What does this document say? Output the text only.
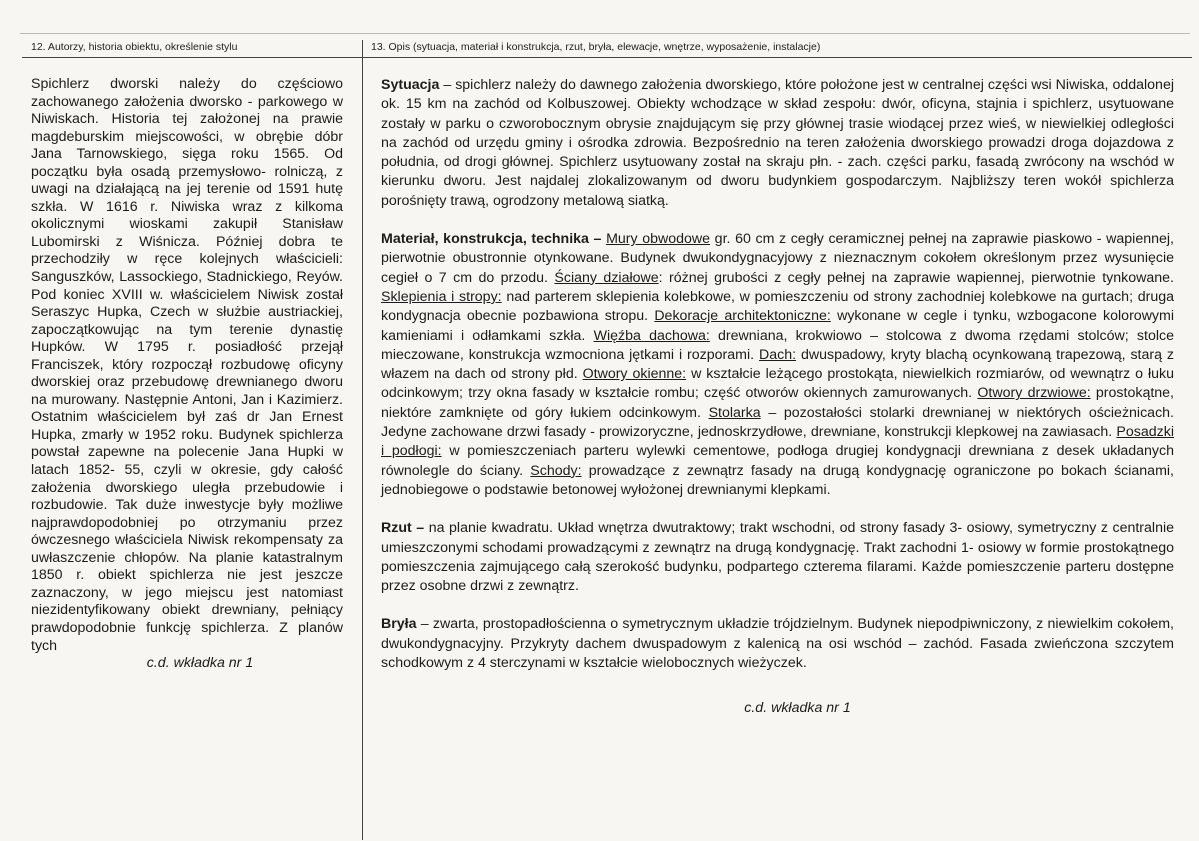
12. Autorzy, historia obiektu, określenie stylu	13. Opis (sytuacja, materiał i konstrukcja, rzut, bryła, elewacje, wnętrze, wyposażenie, instalacje)
Spichlerz dworski należy do częściowo zachowanego założenia dworsko - parkowego w Niwiskach. Historia tej założonej na prawie magdeburskim miejscowości, w obrębie dóbr Jana Tarnowskiego, sięga roku 1565. Od początku była osadą przemysłowo- rolniczą, z uwagi na działającą na jej terenie od 1591 hutę szkła. W 1616 r. Niwiska wraz z kilkoma okolicznymi wioskami zakupił Stanisław Lubomirski z Wiśnicza. Później dobra te przechodziły w ręce kolejnych właścicieli: Sanguszków, Lassockiego, Stadnickiego, Reyów. Pod koniec XVIII w. właścicielem Niwisk został Seraszyc Hupka, Czech w służbie austriackiej, zapoczątkowując na tym terenie dynastię Hupków. W 1795 r. posiadłość przejął Franciszek, który rozpoczął rozbudowę oficyny dworskiej oraz przebudowę drewnianego dworu na murowany. Następnie Antoni, Jan i Kazimierz. Ostatnim właścicielem był zaś dr Jan Ernest Hupka, zmarły w 1952 roku. Budynek spichlerza powstał zapewne na polecenie Jana Hupki w latach 1852- 55, czyli w okresie, gdy całość założenia dworskiego uległa przebudowie i rozbudowie. Tak duże inwestycje były możliwe najprawdopodobniej po otrzymaniu przez ówczesnego właściciela Niwisk rekompensaty za uwłaszczenie chłopów. Na planie katastralnym 1850 r. obiekt spichlerza nie jest jeszcze zaznaczony, w jego miejscu jest natomiast niezidentyfikowany obiekt drewniany, pełniący prawdopodobnie funkcję spichlerza. Z planów tych
c.d. wkładka nr 1

Sytuacja – spichlerz należy do dawnego założenia dworskiego, które położone jest w centralnej części wsi Niwiska, oddalonej ok. 15 km na zachód od Kolbuszowej. Obiekty wchodzące w skład zespołu: dwór, oficyna, stajnia i spichlerz, usytuowane zostały w parku o czworobocznym obrysie znajdującym się przy głównej trasie wiodącej przez wieś, w niewielkiej odległości na zachód od urzędu gminy i ośrodka zdrowia. Bezpośrednio na teren założenia dworskiego prowadzi droga dojazdowa z południa, od drogi głównej. Spichlerz usytuowany został na skraju płn. - zach. części parku, fasadą zwrócony na wschód w kierunku dworu. Jest najdalej zlokalizowanym od dworu budynkiem gospodarczym. Najbliższy teren wokół spichlerza porośnięty trawą, ogrodzony metalową siatką.

Materiał, konstrukcja, technika – Mury obwodowe gr. 60 cm z cegły ceramicznej pełnej na zaprawie piaskowo - wapiennej, pierwotnie obustronnie otynkowane. Budynek dwukondygnacyjowy z nieznacznym cokołem określonym przez wysunięcie cegieł o 7 cm do przodu. Ściany działowe: różnej grubości z cegły pełnej na zaprawie wapiennej, pierwotnie tynkowane. Sklepienia i stropy: nad parterem sklepienia kolebkowe, w pomieszczeniu od strony zachodniej kolebkowe na gurtach; druga kondygnacja obecnie pozbawiona stropu. Dekoracje architektoniczne: wykonane w cegle i tynku, wzbogacone kolorowymi kamieniami i odłamkami szkła. Więźba dachowa: drewniana, krokwiowo – stolcowa z dwoma rzędami stolców; stolce mieczowane, konstrukcja wzmocniona jętkami i rozporami. Dach: dwuspadowy, kryty blachą ocynkowaną trapezową, starą z włazem na dach od strony płd. Otwory okienne: w kształcie leżącego prostokąta, niewielkich rozmiarów, od wewnątrz o łuku odcinkowym; trzy okna fasady w kształcie rombu; część otworów okiennych zamurowanych. Otwory drzwiowe: prostokątne, niektóre zamknięte od góry łukiem odcinkowym. Stolarka – pozostałości stolarki drewnianej w niektórych ościeżnicach. Jedyne zachowane drzwi fasady - prowizoryczne, jednoskrzydłowe, drewniane, konstrukcji klepkowej na zawiasach. Posadzki i podłogi: w pomieszczeniach parteru wylewki cementowe, podłoga drugiej kondygnacji drewniana z desek układanych równolegle do ściany. Schody: prowadzące z zewnątrz fasady na drugą kondygnację ograniczone po bokach ścianami, jednobiegowe o podstawie betonowej wyłożonej drewnianymi klepkami.

Rzut – na planie kwadratu. Układ wnętrza dwutraktowy; trakt wschodni, od strony fasady 3- osiowy, symetryczny z centralnie umieszczonymi schodami prowadzącymi z zewnątrz na drugą kondygnację. Trakt zachodni 1- osiowy w formie prostokątnego pomieszczenia zajmującego całą szerokość budynku, podpartego czterema filarami. Każde pomieszczenie parteru dostępne przez osobne drzwi z zewnątrz.

Bryła – zwarta, prostopadłościenna o symetrycznym układzie trójdzielnym. Budynek niepodpiwniczony, z niewielkim cokołem, dwukondygnacyjny. Przykryty dachem dwuspadowym z kalenicą na osi wschód – zachód. Fasada zwieńczona szczytem schodkowym z 4 sterczynami w kształcie wielobocznych wieżyczek.

c.d. wkładka nr 1
